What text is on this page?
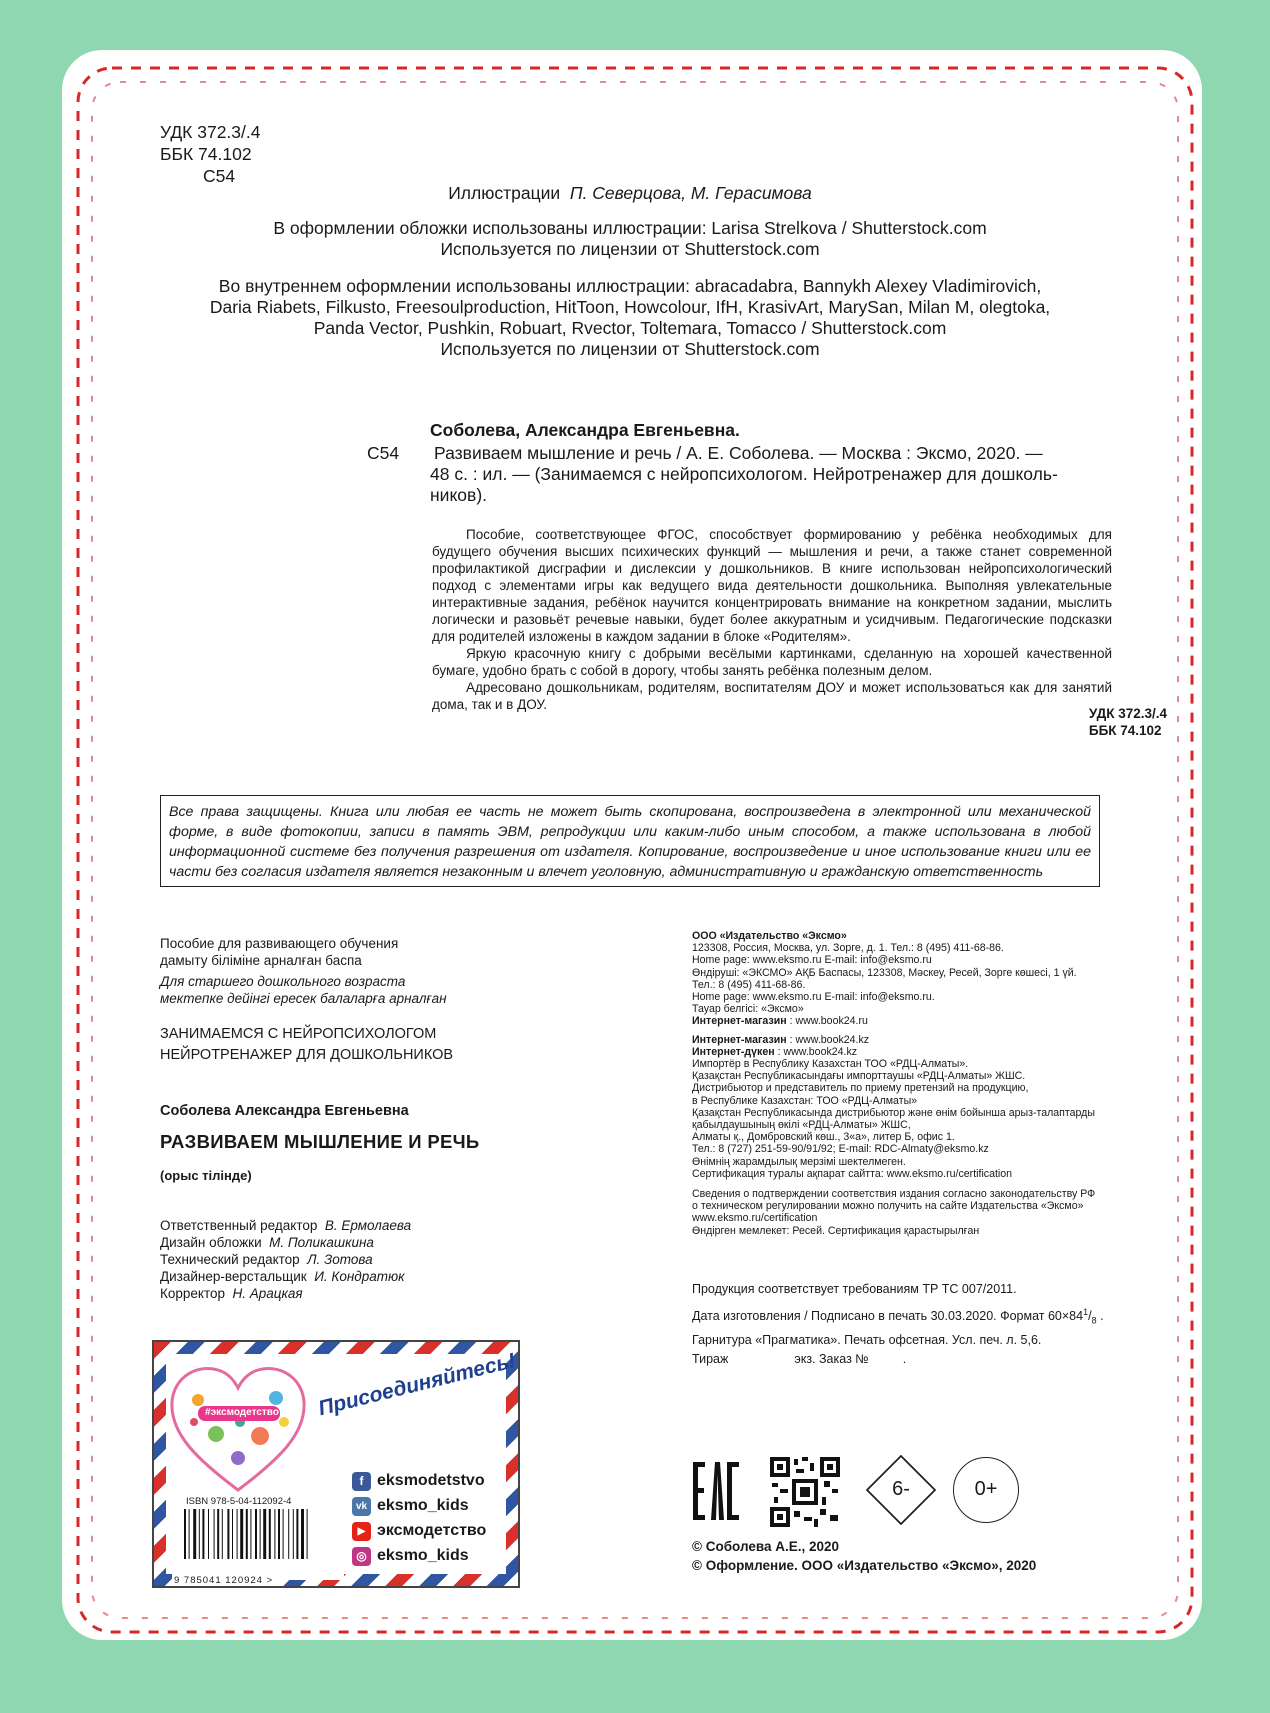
УДК 372.3/.4
ББК 74.102
С54
Иллюстрации П. Северцова, М. Герасимова
В оформлении обложки использованы иллюстрации: Larisa Strelkova / Shutterstock.com
Используется по лицензии от Shutterstock.com
Во внутреннем оформлении использованы иллюстрации: abracadabra, Bannykh Alexey Vladimirovich,
Daria Riabets, Filkusto, Freesoulproduction, HitToon, Howcolour, IfH, KrasivArt, MarySan, Milan M, olegtoka,
Panda Vector, Pushkin, Robuart, Rvector, Toltemara, Tomacco / Shutterstock.com
Используется по лицензии от Shutterstock.com
Соболева, Александра Евгеньевна.
С54 Развиваем мышление и речь / А. Е. Соболева. — Москва : Эксмо, 2020. —
48 с. : ил. — (Занимаемся с нейропсихологом. Нейротренажер для дошколь-
ников).

Пособие, соответствующее ФГОС, способствует формированию у ребёнка необходимых для будущего обучения высших психических функций — мышления и речи, а также станет современной профилактикой дисграфии и дислексии у дошкольников. В книге использован нейропсихологический подход с элементами игры как ведущего вида деятельности дошкольника. Выполняя увлекательные интерактивные задания, ребёнок научится концентрировать внимание на конкретном задании, мыслить логически и разовьёт речевые навыки, будет более аккуратным и усидчивым. Педагогические подсказки для родителей изложены в каждом задании в блоке «Родителям».

Яркую красочную книгу с добрыми весёлыми картинками, сделанную на хорошей качественной бумаге, удобно брать с собой в дорогу, чтобы занять ребёнка полезным делом.

Адресовано дошкольникам, родителям, воспитателям ДОУ и может использоваться как для занятий дома, так и в ДОУ.

УДК 372.3/.4
ББК 74.102
Все права защищены. Книга или любая ее часть не может быть скопирована, воспроизведена в электронной или механической форме, в виде фотокопии, записи в память ЭВМ, репродукции или каким-либо иным способом, а также использована в любой информационной системе без получения разрешения от издателя. Копирование, воспроизведение и иное использование книги или ее части без согласия издателя является незаконным и влечет уголовную, административную и гражданскую ответственность
Пособие для развивающего обучения
дамыту біліміне арналған баспа
Для старшего дошкольного возраста
мектепке дейінгі ересек балаларға арналған
ЗАНИМАЕМСЯ С НЕЙРОПСИХОЛОГОМ
НЕЙРОТРЕНАЖЕР ДЛЯ ДОШКОЛЬНИКОВ
Соболева Александра Евгеньевна
РАЗВИВАЕМ МЫШЛЕНИЕ И РЕЧЬ
(орыс тілінде)
Ответственный редактор В. Ермолаева
Дизайн обложки М. Поликашкина
Технический редактор Л. Зотова
Дизайнер-верстальщик И. Кондратюк
Корректор Н. Арацкая
ООО «Издательство «Эксмо»
123308, Россия, Москва, ул. Зорге, д. 1. Тел.: 8 (495) 411-68-86.
Home page: www.eksmo.ru E-mail: info@eksmo.ru
Өндіруші: «ЭКСМО» АҚБ Баспасы, 123308, Мәскеу, Ресей, Зорге көшесі, 1 үй.
Тел.: 8 (495) 411-68-86.
Home page: www.eksmo.ru E-mail: info@eksmo.ru.
Тауар белгісі: «Эксмо»
Интернет-магазин : www.book24.ru
Интернет-магазин : www.book24.kz
Интернет-дүкен : www.book24.kz
Импортёр в Республику Казахстан ТОО «РДЦ-Алматы».
Қазақстан Республикасындағы импорттаушы «РДЦ-Алматы» ЖШС.
Дистрибьютор и представитель по приему претензий на продукцию,
в Республике Казахстан: ТОО «РДЦ-Алматы»
Қазақстан Республикасында дистрибьютор және өнім бойынша арыз-талаптарды
қабылдаушының өкілі «РДЦ-Алматы» ЖШС,
Алматы қ., Домбровский көш., 3«а», литер Б, офис 1.
Тел.: 8 (727) 251-59-90/91/92; E-mail: RDC-Almaty@eksmo.kz
Өнімнің жарамдылық мерзімі шектелмеген.
Сертификация туралы ақпарат сайтта: www.eksmo.ru/certification
Сведения о подтверждении соответствия издания согласно законодательству РФ
о техническом регулировании можно получить на сайте Издательства «Эксмо»
www.eksmo.ru/certification
Өндірген мемлекет: Ресей. Сертификация қарастырылған
Продукция соответствует требованиям ТР ТС 007/2011.
Дата изготовления / Подписано в печать 30.03.2020. Формат $60\times 84^1/_8$ .
Гарнитура «Прагматика». Печать офсетная. Усл. печ. л. 5,6.
Тираж	экз. Заказ №	.
6-	0+
© Соболева А.Е., 2020
© Оформление. ООО «Издательство «Эксмо», 2020
#эксмодетство Присоединяйтесь!
f eksmodetstvo
vk eksmo_kids
▶ эксмодетство
◎ eksmo_kids
ISBN 978-5-04-112092-4
9 785041 120924 >
